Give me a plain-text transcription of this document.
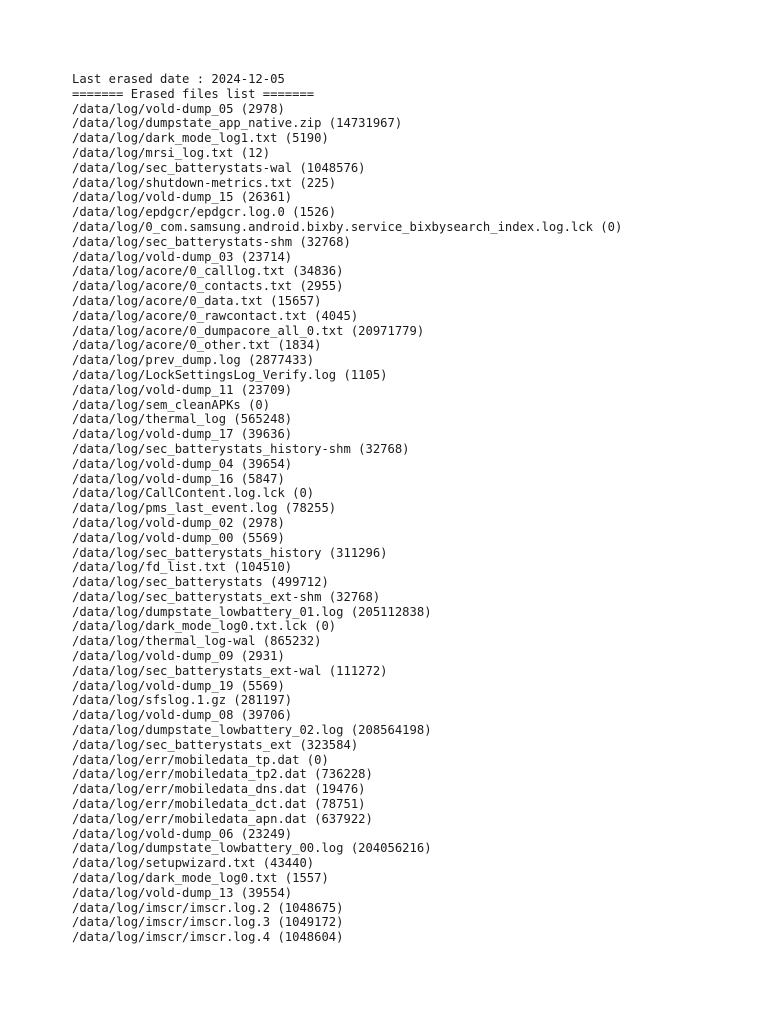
Last erased date : 2024-12-05
======= Erased files list =======
/data/log/vold-dump_05 (2978)
/data/log/dumpstate_app_native.zip (14731967)
/data/log/dark_mode_log1.txt (5190)
/data/log/mrsi_log.txt (12)
/data/log/sec_batterystats-wal (1048576)
/data/log/shutdown-metrics.txt (225)
/data/log/vold-dump_15 (26361)
/data/log/epdgcr/epdgcr.log.0 (1526)
/data/log/0_com.samsung.android.bixby.service_bixbysearch_index.log.lck (0)
/data/log/sec_batterystats-shm (32768)
/data/log/vold-dump_03 (23714)
/data/log/acore/0_calllog.txt (34836)
/data/log/acore/0_contacts.txt (2955)
/data/log/acore/0_data.txt (15657)
/data/log/acore/0_rawcontact.txt (4045)
/data/log/acore/0_dumpacore_all_0.txt (20971779)
/data/log/acore/0_other.txt (1834)
/data/log/prev_dump.log (2877433)
/data/log/LockSettingsLog_Verify.log (1105)
/data/log/vold-dump_11 (23709)
/data/log/sem_cleanAPKs (0)
/data/log/thermal_log (565248)
/data/log/vold-dump_17 (39636)
/data/log/sec_batterystats_history-shm (32768)
/data/log/vold-dump_04 (39654)
/data/log/vold-dump_16 (5847)
/data/log/CallContent.log.lck (0)
/data/log/pms_last_event.log (78255)
/data/log/vold-dump_02 (2978)
/data/log/vold-dump_00 (5569)
/data/log/sec_batterystats_history (311296)
/data/log/fd_list.txt (104510)
/data/log/sec_batterystats (499712)
/data/log/sec_batterystats_ext-shm (32768)
/data/log/dumpstate_lowbattery_01.log (205112838)
/data/log/dark_mode_log0.txt.lck (0)
/data/log/thermal_log-wal (865232)
/data/log/vold-dump_09 (2931)
/data/log/sec_batterystats_ext-wal (111272)
/data/log/vold-dump_19 (5569)
/data/log/sfslog.1.gz (281197)
/data/log/vold-dump_08 (39706)
/data/log/dumpstate_lowbattery_02.log (208564198)
/data/log/sec_batterystats_ext (323584)
/data/log/err/mobiledata_tp.dat (0)
/data/log/err/mobiledata_tp2.dat (736228)
/data/log/err/mobiledata_dns.dat (19476)
/data/log/err/mobiledata_dct.dat (78751)
/data/log/err/mobiledata_apn.dat (637922)
/data/log/vold-dump_06 (23249)
/data/log/dumpstate_lowbattery_00.log (204056216)
/data/log/setupwizard.txt (43440)
/data/log/dark_mode_log0.txt (1557)
/data/log/vold-dump_13 (39554)
/data/log/imscr/imscr.log.2 (1048675)
/data/log/imscr/imscr.log.3 (1049172)
/data/log/imscr/imscr.log.4 (1048604)
